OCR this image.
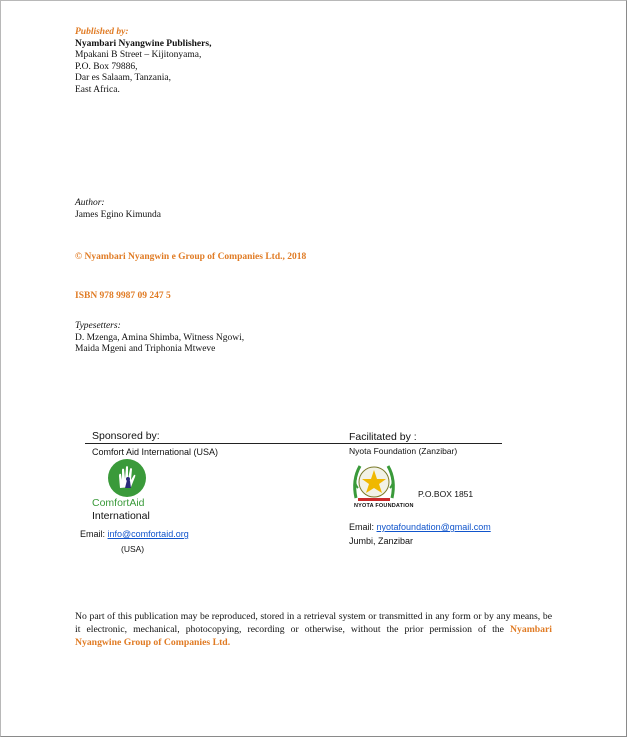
Published by:
Nyambari Nyangwine Publishers,
Mpakani B Street – Kijitonyama,
P.O. Box 79886,
Dar es Salaam, Tanzania,
East Africa.
Author:
James Egino Kimunda
© Nyambari Nyangwin e Group of Companies Ltd., 2018
ISBN 978 9987 09 247 5
Typesetters:
D. Mzenga, Amina Shimba, Witness Ngowi,
Maida Mgeni and Triphonia Mtweve
Sponsored by:	Facilitated by :
Comfort Aid International (USA)	Nyota Foundation (Zanzibar)
ComfortAid
International
Email: info@comfortaid.org
(USA)
NYOTA FOUNDATION
P.O.BOX 1851
Email: nyotafoundation@gmail.com
Jumbi, Zanzibar
No part of this publication may be reproduced, stored in a retrieval system or transmitted in any form or by any means, be it electronic, mechanical, photocopying, recording or otherwise, without the prior permission of the Nyambari Nyangwine Group of Companies Ltd.
